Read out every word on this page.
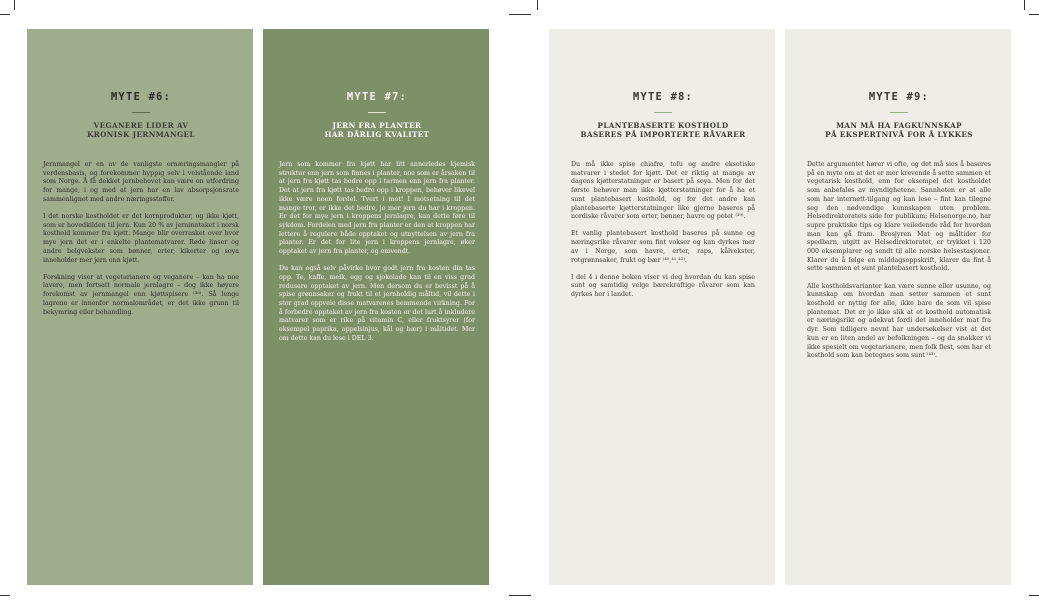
MYTE #6:
VEGANERE LIDER AV
KRONISK JERNMANGEL

Jernmangel er en av de vanligste ernæringsmangler på verdensbasis, og forekommer hyppig selv i velstående land som Norge. Å få dekket jernbehovet kan være en utfordring for mange, i og med at jern har en lav absorpsjonsrate sammenlignet med andre næringsstoffer.

I det norske kostholdet er det kornprodukter, og ikke kjøtt, som er hovedkilden til jern. Kun 20 % av jerninntaket i norsk kosthold kommer fra kjøtt. Mange blir overrasket over hvor mye jern det er i enkelte plantematvarer. Røde linser og andre belgvekster som bønner, erter, kikerter og soya inneholder mer jern enn kjøtt.

Forskning viser at vegetarianere og veganere – kan ha noe lavere, men fortsatt normale jernlagre – dog ikke høyere forekomst av jernmangel enn kjøttspisere ⁽³⁸⁾. Så lenge lagrene er innenfor normalområdet, er det ikke grunn til bekymring eller behandling.

MYTE #7:
JERN FRA PLANTER
HAR DÅRLIG KVALITET

Jern som kommer fra kjøtt har litt annerledes kjemisk struktur enn jern som finnes i planter, noe som er årsaken til at jern fra kjøtt tas bedre opp i tarmen enn jern fra planter. Det at jern fra kjøtt tas bedre opp i kroppen, behøver likevel ikke være noen fordel. Tvert i mot! I motsetning til det mange tror, er ikke det bedre, jo mer jern du har i kroppen. Er det for mye jern i kroppens jernlagre, kan dette føre til sykdom. Fordelen med jern fra planter er den at kroppen har lettere å regulere både opptaket og utnyttelsen av jern fra planter. Er det for lite jern i kroppens jernlagre, øker opptaket av jern fra planter, og omvendt.

Du kan også selv påvirke hvor godt jern fra kosten din tas opp. Te, kaffe, melk, egg og sjokolade kan til en viss grad redusere opptaket av jern. Men dersom du er bevisst på å spise grønnsaker og frukt til et jernholdig måltid, vil dette i stor grad oppveie disse matvarenes hemmende virkning. For å forbedre opptaket av jern fra kosten er det lurt å inkludere matvarer som er rike på vitamin C, eller fruktsyrer (for eksempel paprika, appelsinjus, kål og bær) i måltidet. Mer om dette kan du lese i DEL 3.

MYTE #8:
PLANTEBASERTE KOSTHOLD
BASERES PÅ IMPORTERTE RÅVARER

Du må ikke spise chiafrø, tofu og andre eksotiske matvarer i stedet for kjøtt. Det er riktig at mange av dagens kjøtterstatninger er basert på soya. Men for det første behøver man ikke kjøtterstatninger for å ha et sunt plantebasert kosthold, og for det andre kan plantebaserte kjøtterstatninger like gjerne baseres på nordiske råvarer som erter, bønner, havre og potet ⁽³⁹⁾.

Et vanlig plantebasert kosthold baseres på sunne og næringsrike råvarer som fint vokser og kan dyrkes mer av i Norge, som havre, erter, raps, kålvekster, rotgrønnsaker, frukt og bær ⁽⁴⁰,⁴¹,⁴²⁾.

I del 4 i denne boken viser vi deg hvordan du kan spise sunt og samtidig velge bærekraftige råvarer som kan dyrkes her i landet.

MYTE #9:
MAN MÅ HA FAGKUNNSKAP
PÅ EKSPERTNIVÅ FOR Å LYKKES

Dette argumentet hører vi ofte, og det må sies å baseres på en myte om at det er mer krevende å sette sammen et vegetarisk kosthold, enn for eksempel det kostholdet som anbefales av myndighetene. Sannheten er at alle som har internett-tilgang og kan lese – fint kan tilegne seg den nødvendige kunnskapen uten problem. Helsedirektoratets side for publikum; Helsenorge.no, har supre praktiske tips og klare veiledende råd for hvordan man kan gå fram. Brosjyren Mat og måltider for spedbarn, utgitt av Helsedirektoratet, er trykket i 120 000 eksemplarer og sendt til alle norske helsestasjoner. Klarer du å følge en middagsoppskrift, klarer du fint å sette sammen et sunt plantebasert kosthold.

Alle kostholdsvarianter kan være sunne eller usunne, og kunnskap om hvordan man setter sammen et sunt kosthold er nyttig for alle, ikke bare de som vil spise plantemat. Det er jo ikke slik at et kosthold automatisk er næringsrikt og adekvat fordi det inneholder mat fra dyr. Som tidligere nevnt har undersøkelser vist at det kun er en liten andel av befolkningen – og da snakker vi ikke spesielt om vegetarianere, men folk flest, som har et kosthold som kan betegnes som sunt ⁽⁴³⁾.
